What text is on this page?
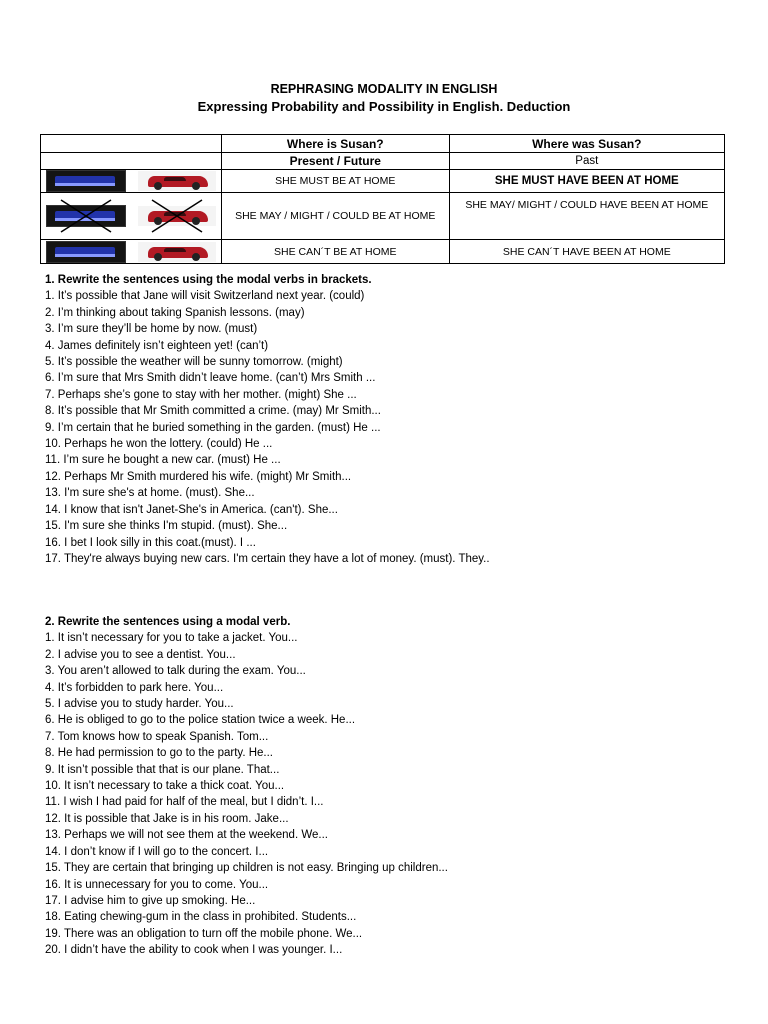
REPHRASING MODALITY IN ENGLISH
Expressing Probability and Possibility in English. Deduction
	Where is Susan?	Where was Susan?
	Present / Future	Past

	SHE MUST BE AT HOME	SHE MUST HAVE BEEN AT HOME

	SHE MAY / MIGHT / COULD BE AT HOME	SHE MAY/ MIGHT / COULD HAVE BEEN AT HOME

	SHE CAN´T BE AT HOME	SHE CAN´T HAVE BEEN AT HOME
1. Rewrite the sentences using the modal verbs in brackets.
1. It’s possible that Jane will visit Switzerland next year. (could)
2. I’m thinking about taking Spanish lessons. (may)
3. I’m sure they’ll be home by now. (must)
4. James definitely isn’t eighteen yet! (can’t)
5. It’s possible the weather will be sunny tomorrow. (might)
6. I’m sure that Mrs Smith didn’t leave home. (can’t) Mrs Smith ...
7. Perhaps she’s gone to stay with her mother. (might) She ...
8. It’s possible that Mr Smith committed a crime. (may) Mr Smith...
9. I’m certain that he buried something in the garden. (must) He ...
10. Perhaps he won the lottery. (could) He ...
11. I’m sure he bought a new car. (must) He ...
12. Perhaps Mr Smith murdered his wife. (might) Mr Smith...
13. I'm sure she's at home. (must). She...
14. I know that isn't Janet-She's in America. (can't). She...
15. I'm sure she thinks I'm stupid. (must). She...
16. I bet I look silly in this coat.(must). I ...
17. They're always buying new cars. I'm certain they have a lot of money. (must). They..
2. Rewrite the sentences using a modal verb.
1. It isn’t necessary for you to take a jacket. You...
2. I advise you to see a dentist. You...
3. You aren’t allowed to talk during the exam. You...
4. It’s forbidden to park here. You...
5. I advise you to study harder. You...
6. He is obliged to go to the police station twice a week. He...
7. Tom knows how to speak Spanish. Tom...
8. He had permission to go to the party. He...
9. It isn’t possible that that is our plane. That...
10. It isn’t necessary to take a thick coat. You...
11. I wish I had paid for half of the meal, but I didn’t. I...
12. It is possible that Jake is in his room. Jake...
13. Perhaps we will not see them at the weekend. We...
14. I don’t know if I will go to the concert. I...
15. They are certain that bringing up children is not easy. Bringing up children...
16. It is unnecessary for you to come. You...
17. I advise him to give up smoking. He...
18. Eating chewing-gum in the class in prohibited. Students...
19. There was an obligation to turn off the mobile phone. We...
20. I didn’t have the ability to cook when I was younger. I...
